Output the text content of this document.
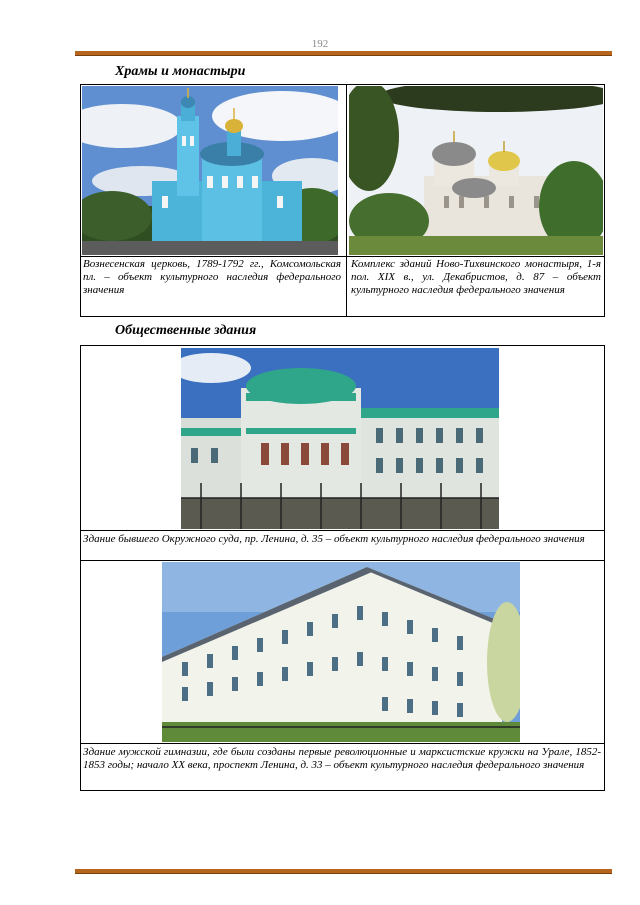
192
Храмы и монастыри
Вознесенская церковь, 1789-1792 гг., Комсомольская пл. – объект культурного наследия федерального значения
Комплекс зданий Ново-Тихвинского монастыря, 1-я пол. XIX в., ул. Декабристов, д. 87 – объект культурного наследия федерального значения
Общественные здания
Здание бывшего Окружного суда, пр. Ленина, д. 35 – объект культурного наследия федерального значения
Здание мужской гимназии, где были созданы первые революционные и марксистские кружки на Урале, 1852-1853 годы; начало XX века, проспект Ленина, д. 33 – объект культурного наследия федерального значения
